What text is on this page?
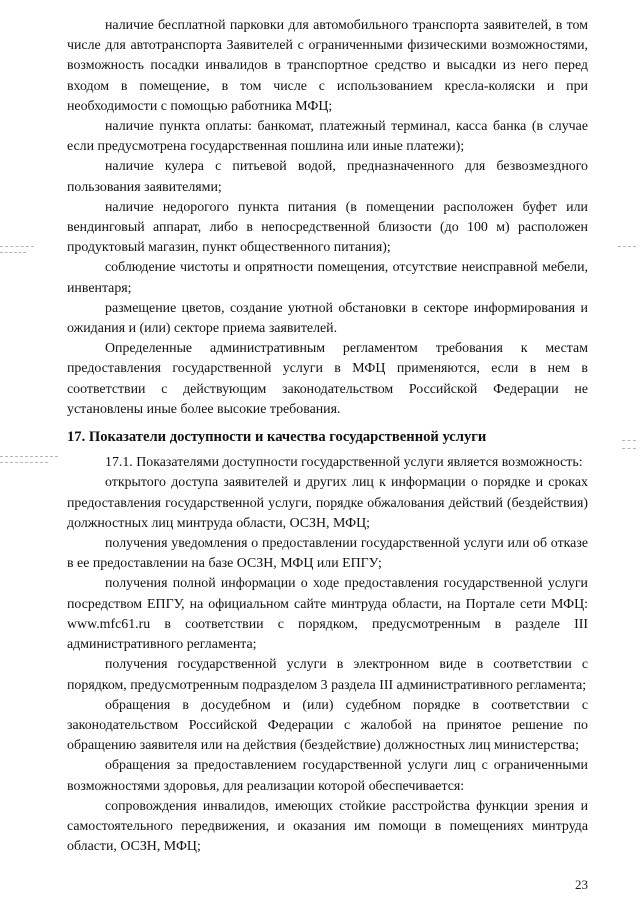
наличие бесплатной парковки для автомобильного транспорта заявителей, в том числе для автотранспорта Заявителей с ограниченными физическими возможностями, возможность посадки инвалидов в транспортное средство и высадки из него перед входом в помещение, в том числе с использованием кресла-коляски и при необходимости с помощью работника МФЦ;

наличие пункта оплаты: банкомат, платежный терминал, касса банка (в случае если предусмотрена государственная пошлина или иные платежи);

наличие кулера с питьевой водой, предназначенного для безвозмездного пользования заявителями;

наличие недорогого пункта питания (в помещении расположен буфет или вендинговый аппарат, либо в непосредственной близости (до 100 м) расположен продуктовый магазин, пункт общественного питания);

соблюдение чистоты и опрятности помещения, отсутствие неисправной мебели, инвентаря;

размещение цветов, создание уютной обстановки в секторе информирования и ожидания и (или) секторе приема заявителей.

Определенные административным регламентом требования к местам предоставления государственной услуги в МФЦ применяются, если в нем в соответствии с действующим законодательством Российской Федерации не установлены иные более высокие требования.

17. Показатели доступности и качества государственной услуги

17.1. Показателями доступности государственной услуги является возможность:

открытого доступа заявителей и других лиц к информации о порядке и сроках предоставления государственной услуги, порядке обжалования действий (бездействия) должностных лиц минтруда области, ОСЗН, МФЦ;

получения уведомления о предоставлении государственной услуги или об отказе в ее предоставлении на базе ОСЗН, МФЦ или ЕПГУ;

получения полной информации о ходе предоставления государственной услуги посредством ЕПГУ, на официальном сайте минтруда области, на Портале сети МФЦ: www.mfc61.ru в соответствии с порядком, предусмотренным в разделе III административного регламента;

получения государственной услуги в электронном виде в соответствии с порядком, предусмотренным подразделом 3 раздела III административного регламента;

обращения в досудебном и (или) судебном порядке в соответствии с законодательством Российской Федерации с жалобой на принятое решение по обращению заявителя или на действия (бездействие) должностных лиц министерства;

обращения за предоставлением государственной услуги лиц с ограниченными возможностями здоровья, для реализации которой обеспечивается:

сопровождения инвалидов, имеющих стойкие расстройства функции зрения и самостоятельного передвижения, и оказания им помощи в помещениях минтруда области, ОСЗН, МФЦ;

23
